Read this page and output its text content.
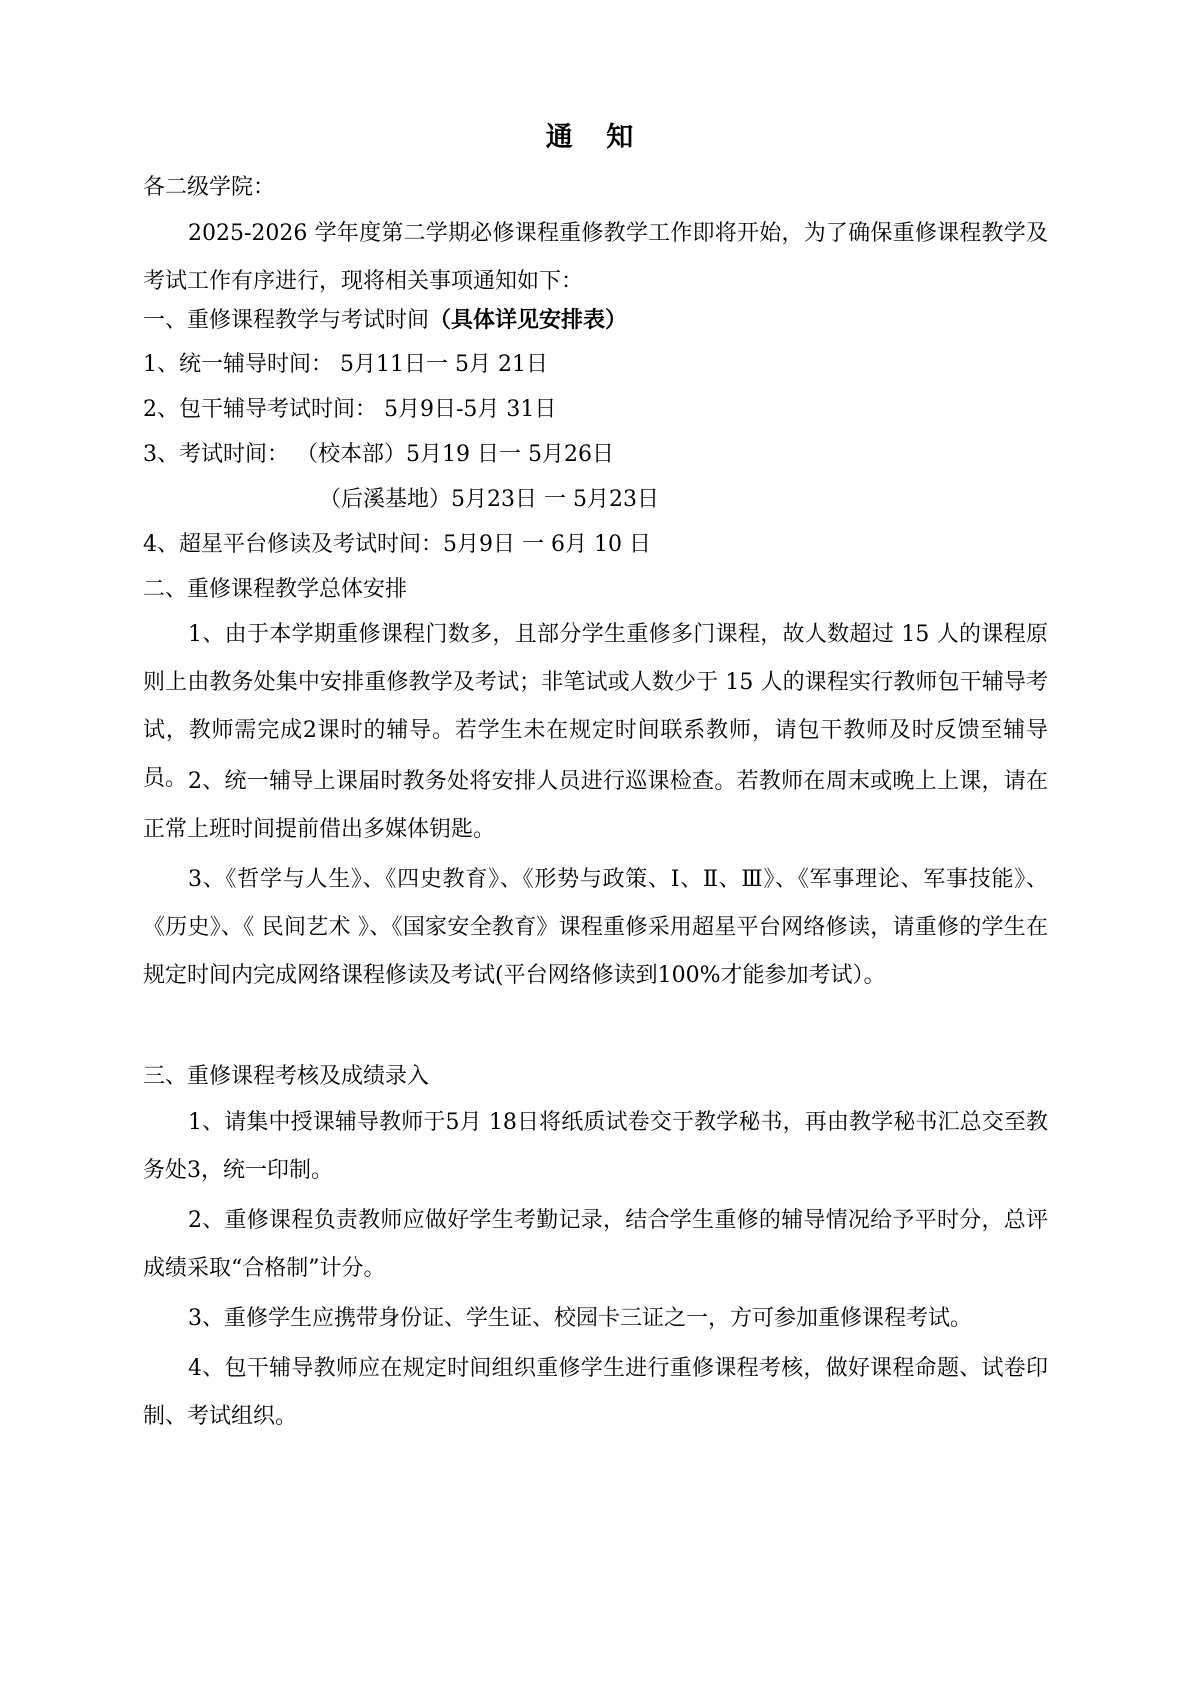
通 知
各二级学院：
2025-2026 学年度第二学期必修课程重修教学工作即将开始，为了确保重修课程教学及考试工作有序进行，现将相关事项通知如下：
一、重修课程教学与考试时间（具体详见安排表）
1、统一辅导时间： 5月11日一 5月 21日
2、包干辅导考试时间： 5月9日-5月 31日
3、考试时间： （校本部）5月19 日一 5月26日
（后溪基地）5月23日 一 5月23日
4、超星平台修读及考试时间：5月9日 一 6月 10 日
二、重修课程教学总体安排
1、由于本学期重修课程门数多，且部分学生重修多门课程，故人数超过 15 人的课程原则上由教务处集中安排重修教学及考试；非笔试或人数少于 15 人的课程实行教师包干辅导考试，教师需完成2课时的辅导。若学生未在规定时间联系教师，请包干教师及时反馈至辅导员。 2、统一辅导上课届时教务处将安排人员进行巡课检查。若教师在周末或晚上上课，请在正常上班时间提前借出多媒体钥匙。
3、《哲学与人生》、《四史教育》、《形势与政策、Ⅰ、Ⅱ、Ⅲ》、《军事理论、军事技能》、《历史》、《 民间艺术 》、《国家安全教育》课程重修采用超星平台网络修读，请重修的学生在规定时间内完成网络课程修读及考试(平台网络修读到100%才能参加考试）。
三、重修课程考核及成绩录入
1、请集中授课辅导教师于5月 18日将纸质试卷交于教学秘书，再由教学秘书汇总交至教务处3，统一印制。
2、重修课程负责教师应做好学生考勤记录，结合学生重修的辅导情况给予平时分，总评成绩采取“合格制”计分。
3、重修学生应携带身份证、学生证、校园卡三证之一，方可参加重修课程考试。
4、包干辅导教师应在规定时间组织重修学生进行重修课程考核，做好课程命题、试卷印制、考试组织。
